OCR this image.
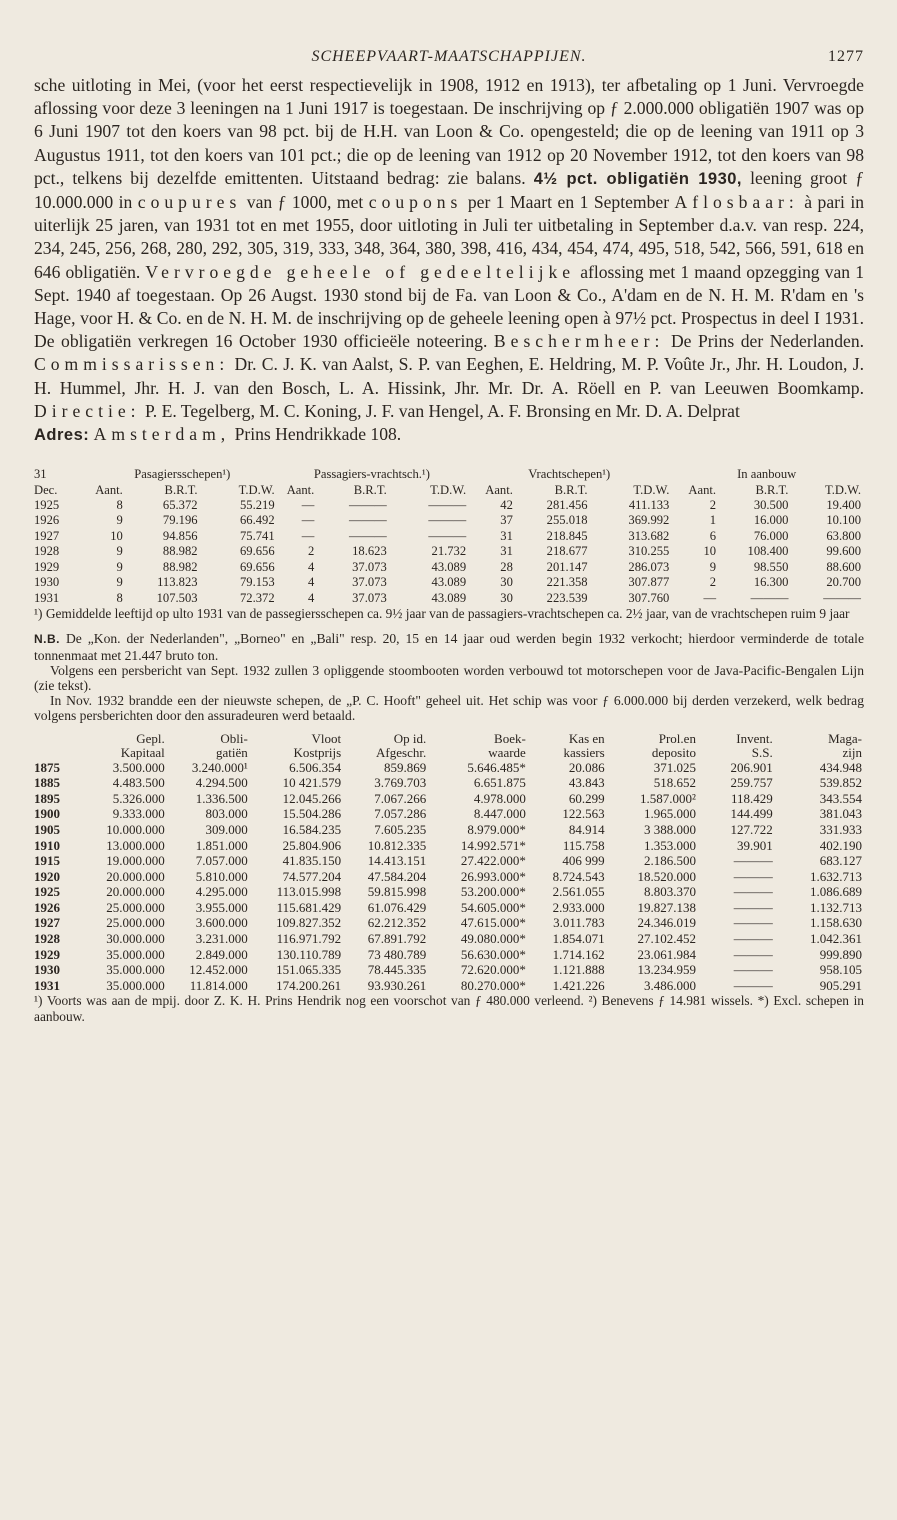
SCHEEPVAART-MAATSCHAPPIJEN.	1277

sche uitloting in Mei, (voor het eerst respectievelijk in 1908, 1912 en 1913), ter afbetaling op 1 Juni. Vervroegde aflossing voor deze 3 leeningen na 1 Juni 1917 is toegestaan. De inschrijving op ƒ 2.000.000 obligatiën 1907 was op 6 Juni 1907 tot den koers van 98 pct. bij de H.H. van Loon & Co. opengesteld; die op de leening van 1911 op 3 Augustus 1911, tot den koers van 101 pct.; die op de leening van 1912 op 20 November 1912, tot den koers van 98 pct., telkens bij dezelfde emittenten. Uitstaand bedrag: zie balans. 4½ pct. obligatiën 1930, leening groot ƒ 10.000.000 in coupures van ƒ 1000, met coupons per 1 Maart en 1 September Aflosbaar: à pari in uiterlijk 25 jaren, van 1931 tot en met 1955, door uitloting in Juli ter uitbetaling in September d.a.v. van resp. 224, 234, 245, 256, 268, 280, 292, 305, 319, 333, 348, 364, 380, 398, 416, 434, 454, 474, 495, 518, 542, 566, 591, 618 en 646 obligatiën. Vervroegde geheele of gedeeltelijke aflossing met 1 maand opzegging van 1 Sept. 1940 af toegestaan. Op 26 Augst. 1930 stond bij de Fa. van Loon & Co., A'dam en de N. H. M. R'dam en 's Hage, voor H. & Co. en de N. H. M. de inschrijving op de geheele leening open à 97½ pct. Prospectus in deel I 1931. De obligatiën verkregen 16 October 1930 officieële noteering. Beschermheer: De Prins der Nederlanden. Commissarissen: Dr. C. J. K. van Aalst, S. P. van Eeghen, E. Heldring, M. P. Voûte Jr., Jhr. H. Loudon, J. H. Hummel, Jhr. H. J. van den Bosch, L. A. Hissink, Jhr. Mr. Dr. A. Röell en P. van Leeuwen Boomkamp. Directie: P. E. Tegelberg, M. C. Koning, J. F. van Hengel, A. F. Bronsing en Mr. D. A. Delprat
Adres: Amsterdam, Prins Hendrikkade 108.

31	Pasagiersschepen¹)			Passagiers-vrachtsch.¹)			Vrachtschepen¹)			In aanbouw		
Dec.	Aant.	B.R.T.	T.D.W.	Aant.	B.R.T.	T.D.W.	Aant.	B.R.T.	T.D.W.	Aant.	B.R.T.	T.D.W.
1925	8	65.372	55.219	—	———	———	42	281.456	411.133	2	30.500	19.400
1926	9	79.196	66.492	—	———	———	37	255.018	369.992	1	16.000	10.100
1927	10	94.856	75.741	—	———	———	31	218.845	313.682	6	76.000	63.800
1928	9	88.982	69.656	2	18.623	21.732	31	218.677	310.255	10	108.400	99.600
1929	9	88.982	69.656	4	37.073	43.089	28	201.147	286.073	9	98.550	88.600
1930	9	113.823	79.153	4	37.073	43.089	30	221.358	307.877	2	16.300	20.700
1931	8	107.503	72.372	4	37.073	43.089	30	223.539	307.760	—	———	———

¹) Gemiddelde leeftijd op ulto 1931 van de passegiersschepen ca. 9½ jaar van de passagiers-vrachtschepen ca. 2½ jaar, van de vrachtschepen ruim 9 jaar

N.B. De „Kon. der Nederlanden", „Borneo" en „Bali" resp. 20, 15 en 14 jaar oud werden begin 1932 verkocht; hierdoor verminderde de totale tonnenmaat met 21.447 bruto ton.
Volgens een persbericht van Sept. 1932 zullen 3 opliggende stoombooten worden verbouwd tot motorschepen voor de Java-Pacific-Bengalen Lijn (zie tekst).
In Nov. 1932 brandde een der nieuwste schepen, de „P. C. Hooft" geheel uit. Het schip was voor ƒ 6.000.000 bij derden verzekerd, welk bedrag volgens persberichten door den assuradeuren werd betaald.
	Gepl.	Obli-	Vloot	Op id.	Boek-	Kas en	Prol.en	Invent.	Maga-
	Kapitaal	gatiën	Kostprijs	Afgeschr.	waarde	kassiers	deposito	S.S.	zijn
1875	3.500.000	3.240.000¹	6.506.354	859.869	5.646.485*	20.086	371.025	206.901	434.948
1885	4.483.500	4.294.500	10 421.579	3.769.703	6.651.875	43.843	518.652	259.757	539.852
1895	5.326.000	1.336.500	12.045.266	7.067.266	4.978.000	60.299	1.587.000²	118.429	343.554
1900	9.333.000	803.000	15.504.286	7.057.286	8.447.000	122.563	1.965.000	144.499	381.043
1905	10.000.000	309.000	16.584.235	7.605.235	8.979.000*	84.914	3 388.000	127.722	331.933
1910	13.000.000	1.851.000	25.804.906	10.812.335	14.992.571*	115.758	1.353.000	39.901	402.190
1915	19.000.000	7.057.000	41.835.150	14.413.151	27.422.000*	406 999	2.186.500	———	683.127
1920	20.000.000	5.810.000	74.577.204	47.584.204	26.993.000*	8.724.543	18.520.000	———	1.632.713
1925	20.000.000	4.295.000	113.015.998	59.815.998	53.200.000*	2.561.055	8.803.370	———	1.086.689
1926	25.000.000	3.955.000	115.681.429	61.076.429	54.605.000*	2.933.000	19.827.138	———	1.132.713
1927	25.000.000	3.600.000	109.827.352	62.212.352	47.615.000*	3.011.783	24.346.019	———	1.158.630
1928	30.000.000	3.231.000	116.971.792	67.891.792	49.080.000*	1.854.071	27.102.452	———	1.042.361
1929	35.000.000	2.849.000	130.110.789	73 480.789	56.630.000*	1.714.162	23.061.984	———	999.890
1930	35.000.000	12.452.000	151.065.335	78.445.335	72.620.000*	1.121.888	13.234.959	———	958.105
1931	35.000.000	11.814.000	174.200.261	93.930.261	80.270.000*	1.421.226	3.486.000	———	905.291

¹) Voorts was aan de mpij. door Z. K. H. Prins Hendrik nog een voorschot van ƒ 480.000 verleend. ²) Benevens ƒ 14.981 wissels. *) Excl. schepen in aanbouw.
